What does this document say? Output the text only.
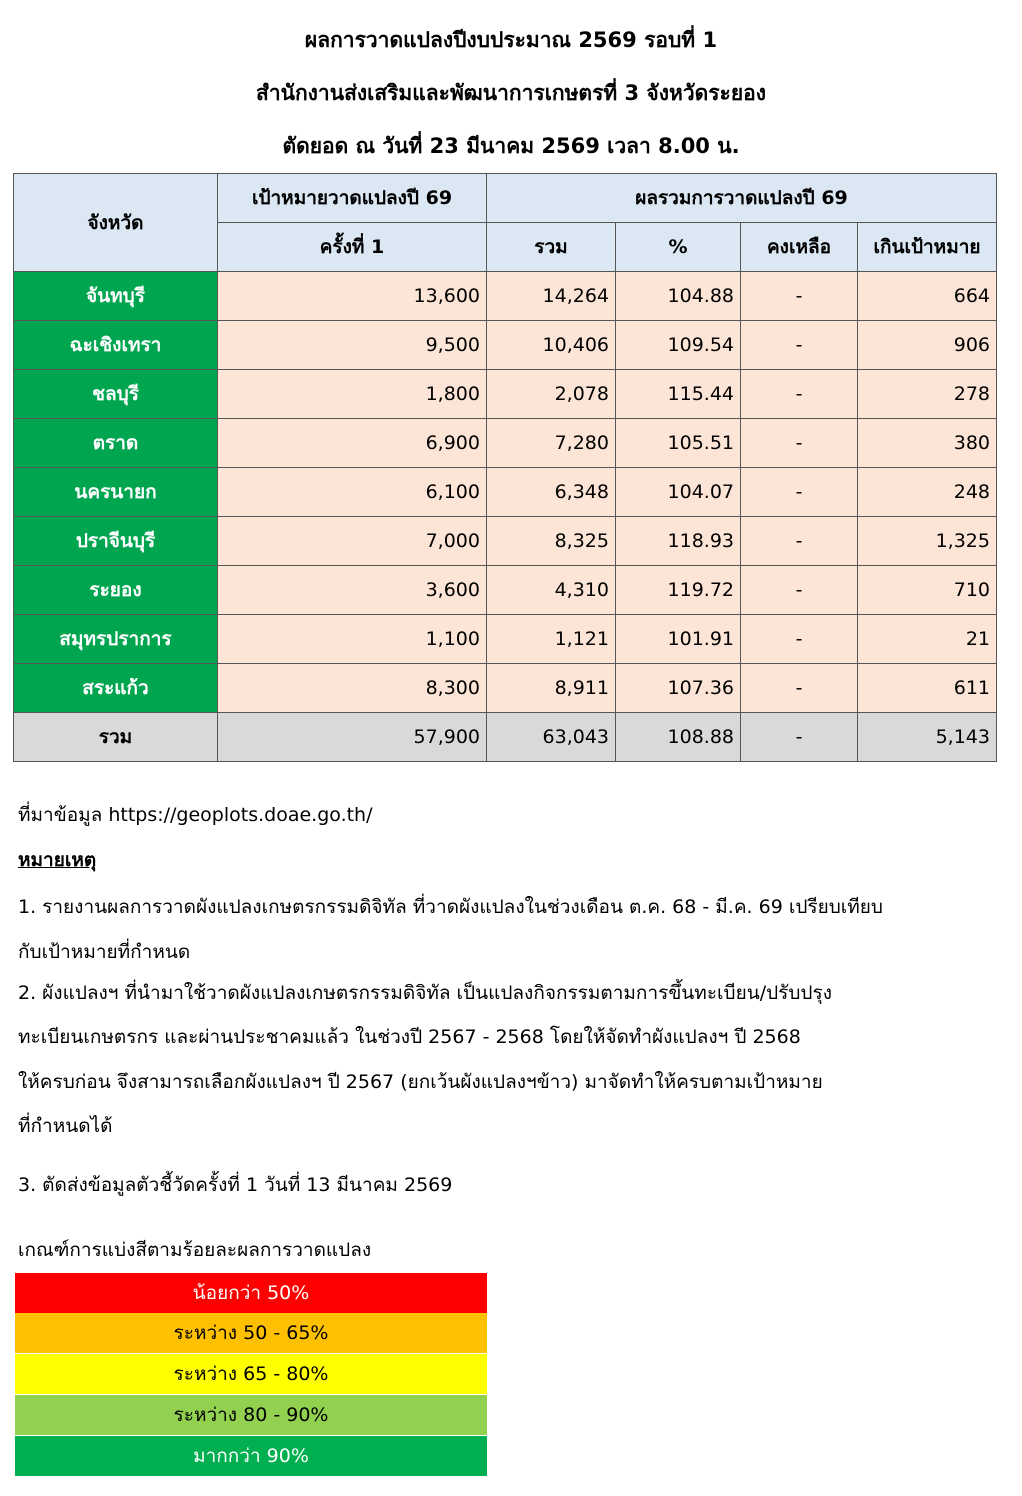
ผลการวาดแปลงปีงบประมาณ 2569 รอบที่ 1
สำนักงานส่งเสริมและพัฒนาการเกษตรที่ 3 จังหวัดระยอง
ตัดยอด ณ วันที่ 23 มีนาคม 2569 เวลา 8.00 น.
จังหวัด	เป้าหมายวาดแปลงปี 69	ผลรวมการวาดแปลงปี 69			
	ครั้งที่ 1	รวม	%	คงเหลือ	เกินเป้าหมาย
จันทบุรี	13,600	14,264	104.88	-	664
ฉะเชิงเทรา	9,500	10,406	109.54	-	906
ชลบุรี	1,800	2,078	115.44	-	278
ตราด	6,900	7,280	105.51	-	380
นครนายก	6,100	6,348	104.07	-	248
ปราจีนบุรี	7,000	8,325	118.93	-	1,325
ระยอง	3,600	4,310	119.72	-	710
สมุทรปราการ	1,100	1,121	101.91	-	21
สระแก้ว	8,300	8,911	107.36	-	611
รวม	57,900	63,043	108.88	-	5,143
ที่มาข้อมูล https://geoplots.doae.go.th/
หมายเหตุ
1. รายงานผลการวาดผังแปลงเกษตรกรรมดิจิทัล ที่วาดผังแปลงในช่วงเดือน ต.ค. 68 - มี.ค. 69 เปรียบเทียบ
กับเป้าหมายที่กำหนด
2. ผังแปลงฯ ที่นำมาใช้วาดผังแปลงเกษตรกรรมดิจิทัล เป็นแปลงกิจกรรมตามการขึ้นทะเบียน/ปรับปรุง
ทะเบียนเกษตรกร และผ่านประชาคมแล้ว ในช่วงปี 2567 - 2568 โดยให้จัดทำผังแปลงฯ ปี 2568
ให้ครบก่อน จึงสามารถเลือกผังแปลงฯ ปี 2567 (ยกเว้นผังแปลงฯข้าว) มาจัดทำให้ครบตามเป้าหมาย
ที่กำหนดได้
3. ตัดส่งข้อมูลตัวชี้วัดครั้งที่ 1 วันที่ 13 มีนาคม 2569
เกณฑ์การแบ่งสีตามร้อยละผลการวาดแปลง
น้อยกว่า 50%
ระหว่าง 50 - 65%
ระหว่าง 65 - 80%
ระหว่าง 80 - 90%
มากกว่า 90%
